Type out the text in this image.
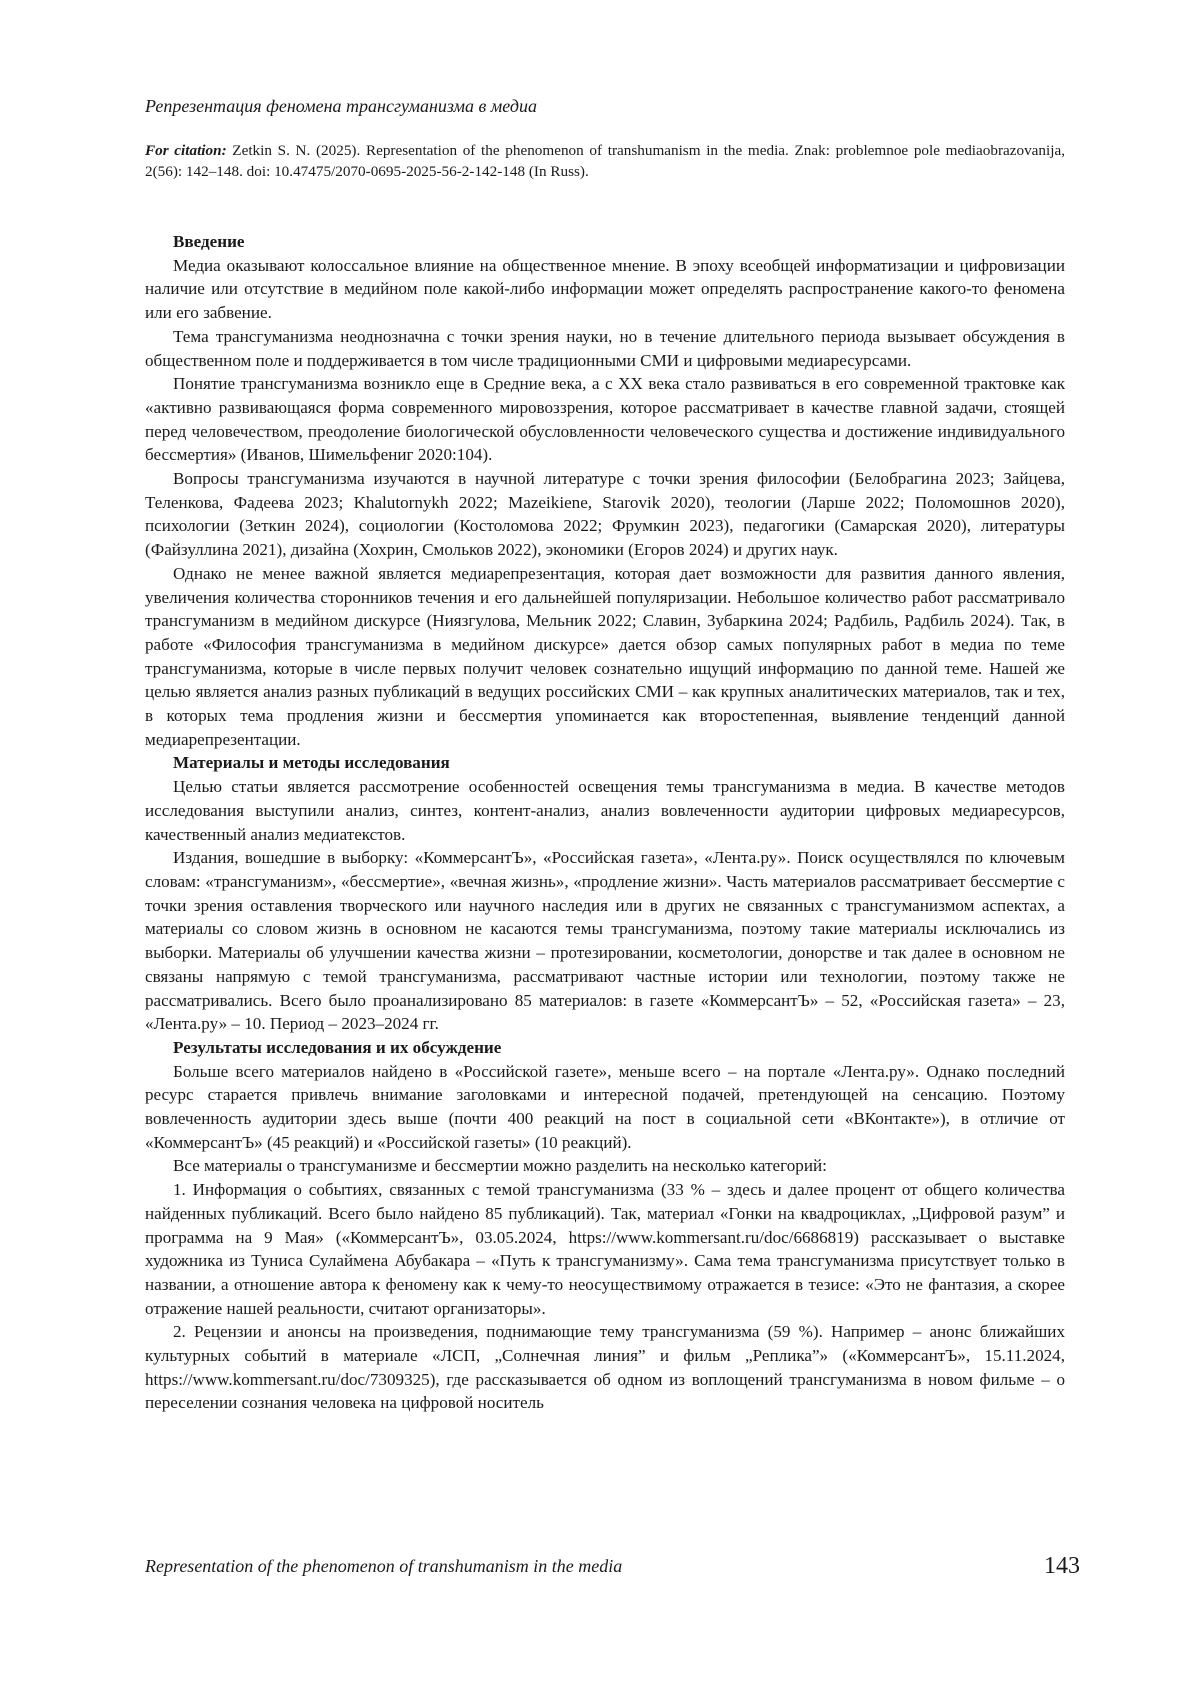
Репрезентация феномена трансгуманизма в медиа
For citation: Zetkin S. N. (2025). Representation of the phenomenon of transhumanism in the media. Znak: problemnoe pole mediaobrazovanija, 2(56): 142–148. doi: 10.47475/2070-0695-2025-56-2-142-148 (In Russ).
Введение

Медиа оказывают колоссальное влияние на общественное мнение. В эпоху всеобщей информатизации и цифровизации наличие или отсутствие в медийном поле какой-либо информации может определять распространение какого-то феномена или его забвение.

Тема трансгуманизма неоднозначна с точки зрения науки, но в течение длительного периода вызывает обсуждения в общественном поле и поддерживается в том числе традиционными СМИ и цифровыми медиаресурсами.

Понятие трансгуманизма возникло еще в Средние века, а с XX века стало развиваться в его современной трактовке как «активно развивающаяся форма современного мировоззрения, которое рассматривает в качестве главной задачи, стоящей перед человечеством, преодоление биологической обусловленности человеческого существа и достижение индивидуального бессмертия» (Иванов, Шимельфениг 2020:104).

Вопросы трансгуманизма изучаются в научной литературе с точки зрения философии (Белобрагина 2023; Зайцева, Теленкова, Фадеева 2023; Khalutornykh 2022; Mazeikiene, Starovik 2020), теологии (Ларше 2022; Поломошнов 2020), психологии (Зеткин 2024), социологии (Костоломова 2022; Фрумкин 2023), педагогики (Самарская 2020), литературы (Файзуллина 2021), дизайна (Хохрин, Смольков 2022), экономики (Егоров 2024) и других наук.

Однако не менее важной является медиарепрезентация, которая дает возможности для развития данного явления, увеличения количества сторонников течения и его дальнейшей популяризации. Небольшое количество работ рассматривало трансгуманизм в медийном дискурсе (Ниязгулова, Мельник 2022; Славин, Зубаркина 2024; Радбиль, Радбиль 2024). Так, в работе «Философия трансгуманизма в медийном дискурсе» дается обзор самых популярных работ в медиа по теме трансгуманизма, которые в числе первых получит человек сознательно ищущий информацию по данной теме. Нашей же целью является анализ разных публикаций в ведущих российских СМИ – как крупных аналитических материалов, так и тех, в которых тема продления жизни и бессмертия упоминается как второстепенная, выявление тенденций данной медиарепрезентации.

Материалы и методы исследования

Целью статьи является рассмотрение особенностей освещения темы трансгуманизма в медиа. В качестве методов исследования выступили анализ, синтез, контент-анализ, анализ вовлеченности аудитории цифровых медиаресурсов, качественный анализ медиатекстов.

Издания, вошедшие в выборку: «КоммерсантЪ», «Российская газета», «Лента.ру». Поиск осуществлялся по ключевым словам: «трансгуманизм», «бессмертие», «вечная жизнь», «продление жизни». Часть материалов рассматривает бессмертие с точки зрения оставления творческого или научного наследия или в других не связанных с трансгуманизмом аспектах, а материалы со словом жизнь в основном не касаются темы трансгуманизма, поэтому такие материалы исключались из выборки. Материалы об улучшении качества жизни – протезировании, косметологии, донорстве и так далее в основном не связаны напрямую с темой трансгуманизма, рассматривают частные истории или технологии, поэтому также не рассматривались. Всего было проанализировано 85 материалов: в газете «КоммерсантЪ» – 52, «Российская газета» – 23, «Лента.ру» – 10. Период – 2023–2024 гг.

Результаты исследования и их обсуждение

Больше всего материалов найдено в «Российской газете», меньше всего – на портале «Лента.ру». Однако последний ресурс старается привлечь внимание заголовками и интересной подачей, претендующей на сенсацию. Поэтому вовлеченность аудитории здесь выше (почти 400 реакций на пост в социальной сети «ВКонтакте»), в отличие от «КоммерсантЪ» (45 реакций) и «Российской газеты» (10 реакций).

Все материалы о трансгуманизме и бессмертии можно разделить на несколько категорий:

1. Информация о событиях, связанных с темой трансгуманизма (33 % – здесь и далее процент от общего количества найденных публикаций. Всего было найдено 85 публикаций). Так, материал «Гонки на квадроциклах, „Цифровой разум” и программа на 9 Мая» («КоммерсантЪ», 03.05.2024, https://www.kommersant.ru/doc/6686819) рассказывает о выставке художника из Туниса Сулаймена Абубакара – «Путь к трансгуманизму». Сама тема трансгуманизма присутствует только в названии, а отношение автора к феномену как к чему-то неосуществимому отражается в тезисе: «Это не фантазия, а скорее отражение нашей реальности, считают организаторы».

2. Рецензии и анонсы на произведения, поднимающие тему трансгуманизма (59 %). Например – анонс ближайших культурных событий в материале «ЛСП, „Солнечная линия” и фильм „Реплика”» («КоммерсантЪ», 15.11.2024, https://www.kommersant.ru/doc/7309325), где рассказывается об одном из воплощений трансгуманизма в новом фильме – о переселении сознания человека на цифровой носитель

Representation of the phenomenon of transhumanism in the media	143
